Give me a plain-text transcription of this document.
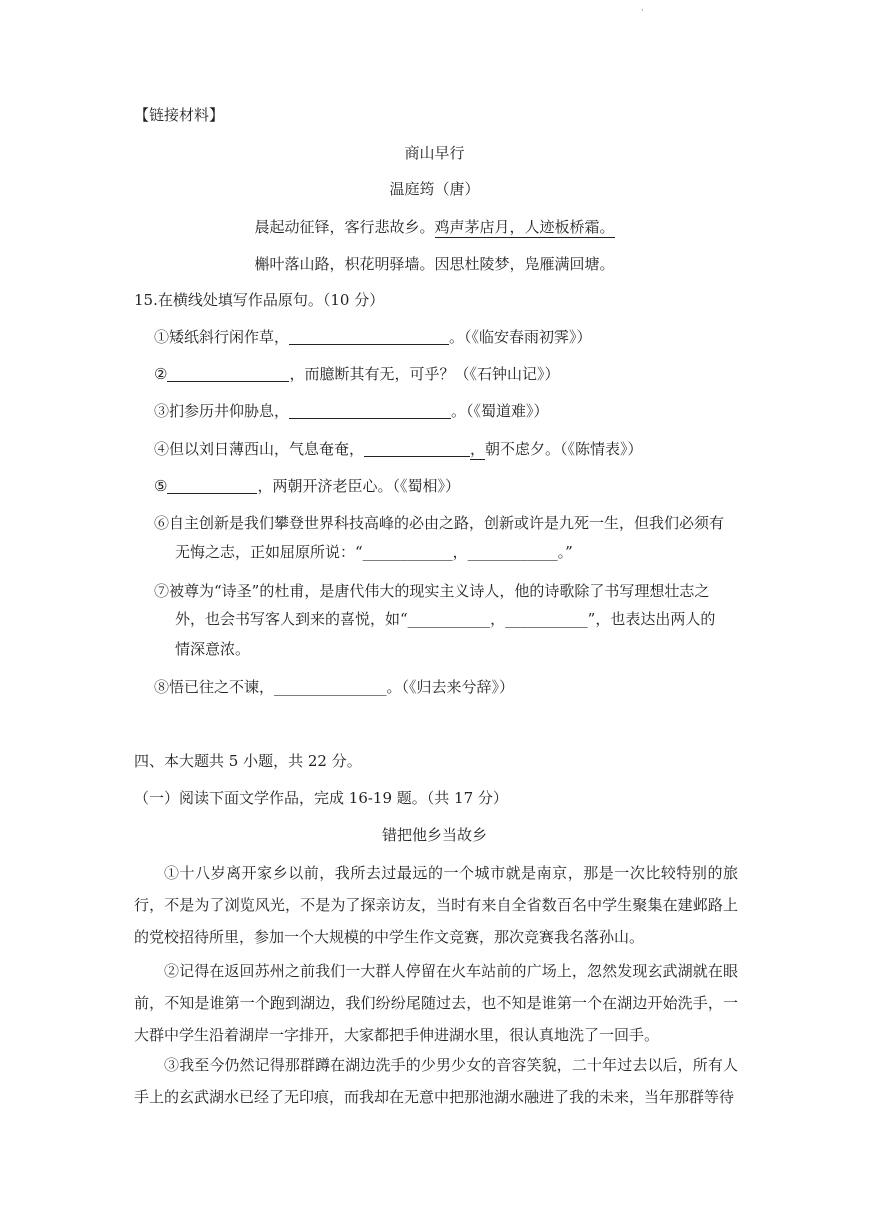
·
【链接材料】
商山早行
温庭筠（唐）
晨起动征铎，客行悲故乡。鸡声茅店月，人迹板桥霜。
槲叶落山路，枳花明驿墙。因思杜陵梦，凫雁满回塘。
15.在横线处填写作品原句。（10 分）
①矮纸斜行闲作草，	。（《临安春雨初霁》）
②	，而臆断其有无，可乎？（《石钟山记》）
③扪参历井仰胁息，	。（《蜀道难》）
④但以刘日薄西山，气息奄奄，	，朝不虑夕。（《陈情表》）
⑤	，两朝开济老臣心。（《蜀相》）
⑥自主创新是我们攀登世界科技高峰的必由之路，创新或许是九死一生，但我们必须有
无悔之志，正如屈原所说：“____________，____________。”
⑦被尊为“诗圣”的杜甫，是唐代伟大的现实主义诗人，他的诗歌除了书写理想壮志之
外，也会书写客人到来的喜悦，如“___________，___________”，也表达出两人的
情深意浓。
⑧悟已往之不谏，_______________。（《归去来兮辞》）
四、本大题共 5 小题，共 22 分。
（一）阅读下面文学作品，完成 16-19 题。（共 17 分）
错把他乡当故乡
①十八岁离开家乡以前，我所去过最远的一个城市就是南京，那是一次比较特别的旅行，不是为了浏览风光，不是为了探亲访友，当时有来自全省数百名中学生聚集在建邺路上的党校招待所里，参加一个大规模的中学生作文竞赛，那次竞赛我名落孙山。
②记得在返回苏州之前我们一大群人停留在火车站前的广场上，忽然发现玄武湖就在眼前，不知是谁第一个跑到湖边，我们纷纷尾随过去，也不知是谁第一个在湖边开始洗手，一大群中学生沿着湖岸一字排开，大家都把手伸进湖水里，很认真地洗了一回手。
③我至今仍然记得那群蹲在湖边洗手的少男少女的音容笑貌，二十年过去以后，所有人手上的玄武湖水已经了无印痕，而我却在无意中把那池湖水融进了我的未来，当年那群等待
